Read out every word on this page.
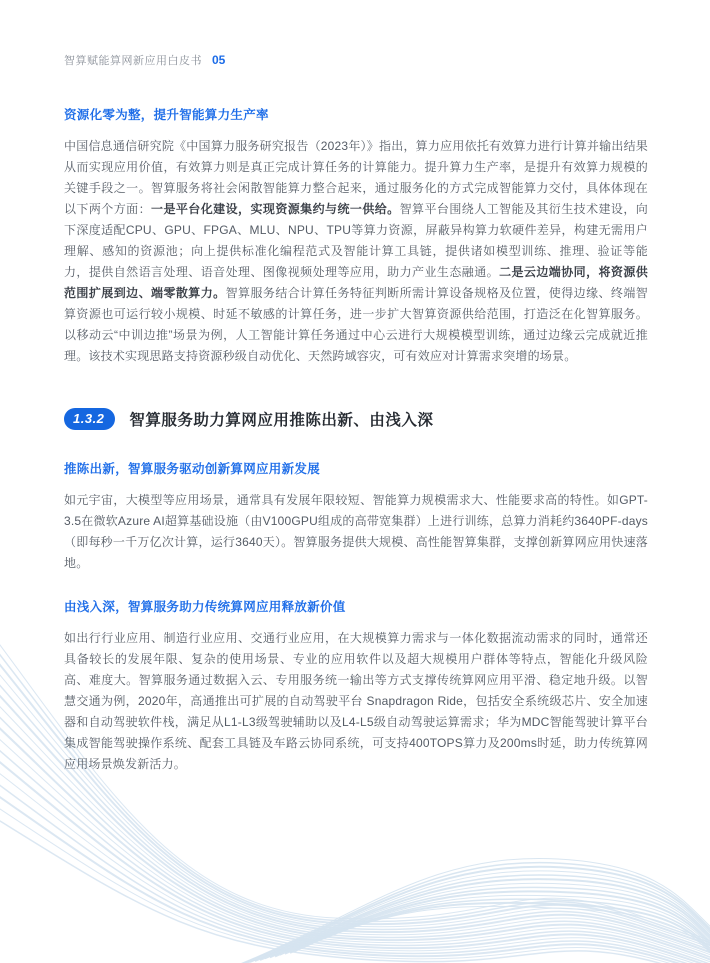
智算赋能算网新应用白皮书 05
资源化零为整，提升智能算力生产率

中国信息通信研究院《中国算力服务研究报告（2023年）》指出，算力应用依托有效算力进行计算并输出结果从而实现应用价值，有效算力则是真正完成计算任务的计算能力。提升算力生产率，是提升有效算力规模的关键手段之一。智算服务将社会闲散智能算力整合起来，通过服务化的方式完成智能算力交付，具体体现在以下两个方面：一是平台化建设，实现资源集约与统一供给。智算平台围绕人工智能及其衍生技术建设，向下深度适配CPU、GPU、FPGA、MLU、NPU、TPU等算力资源，屏蔽异构算力软硬件差异，构建无需用户理解、感知的资源池；向上提供标准化编程范式及智能计算工具链，提供诸如模型训练、推理、验证等能力，提供自然语言处理、语音处理、图像视频处理等应用，助力产业生态融通。二是云边端协同，将资源供范围扩展到边、端零散算力。智算服务结合计算任务特征判断所需计算设备规格及位置，使得边缘、终端智算资源也可运行较小规模、时延不敏感的计算任务，进一步扩大智算资源供给范围，打造泛在化智算服务。以移动云“中训边推”场景为例，人工智能计算任务通过中心云进行大规模模型训练，通过边缘云完成就近推理。该技术实现思路支持资源秒级自动优化、天然跨域容灾，可有效应对计算需求突增的场景。

1.3.2	智算服务助力算网应用推陈出新、由浅入深
推陈出新，智算服务驱动创新算网应用新发展

如元宇宙，大模型等应用场景，通常具有发展年限较短、智能算力规模需求大、性能要求高的特性。如GPT-3.5在微软Azure AI超算基础设施（由V100GPU组成的高带宽集群）上进行训练，总算力消耗约3640PF-days（即每秒一千万亿次计算，运行3640天）。智算服务提供大规模、高性能智算集群，支撑创新算网应用快速落地。

由浅入深，智算服务助力传统算网应用释放新价值

如出行行业应用、制造行业应用、交通行业应用，在大规模算力需求与一体化数据流动需求的同时，通常还具备较长的发展年限、复杂的使用场景、专业的应用软件以及超大规模用户群体等特点，智能化升级风险高、难度大。智算服务通过数据入云、专用服务统一输出等方式支撑传统算网应用平滑、稳定地升级。以智慧交通为例，2020年，高通推出可扩展的自动驾驶平台 Snapdragon Ride，包括安全系统级芯片、安全加速器和自动驾驶软件栈，满足从L1-L3级驾驶辅助以及L4-L5级自动驾驶运算需求；华为MDC智能驾驶计算平台集成智能驾驶操作系统、配套工具链及车路云协同系统，可支持400TOPS算力及200ms时延，助力传统算网应用场景焕发新活力。
